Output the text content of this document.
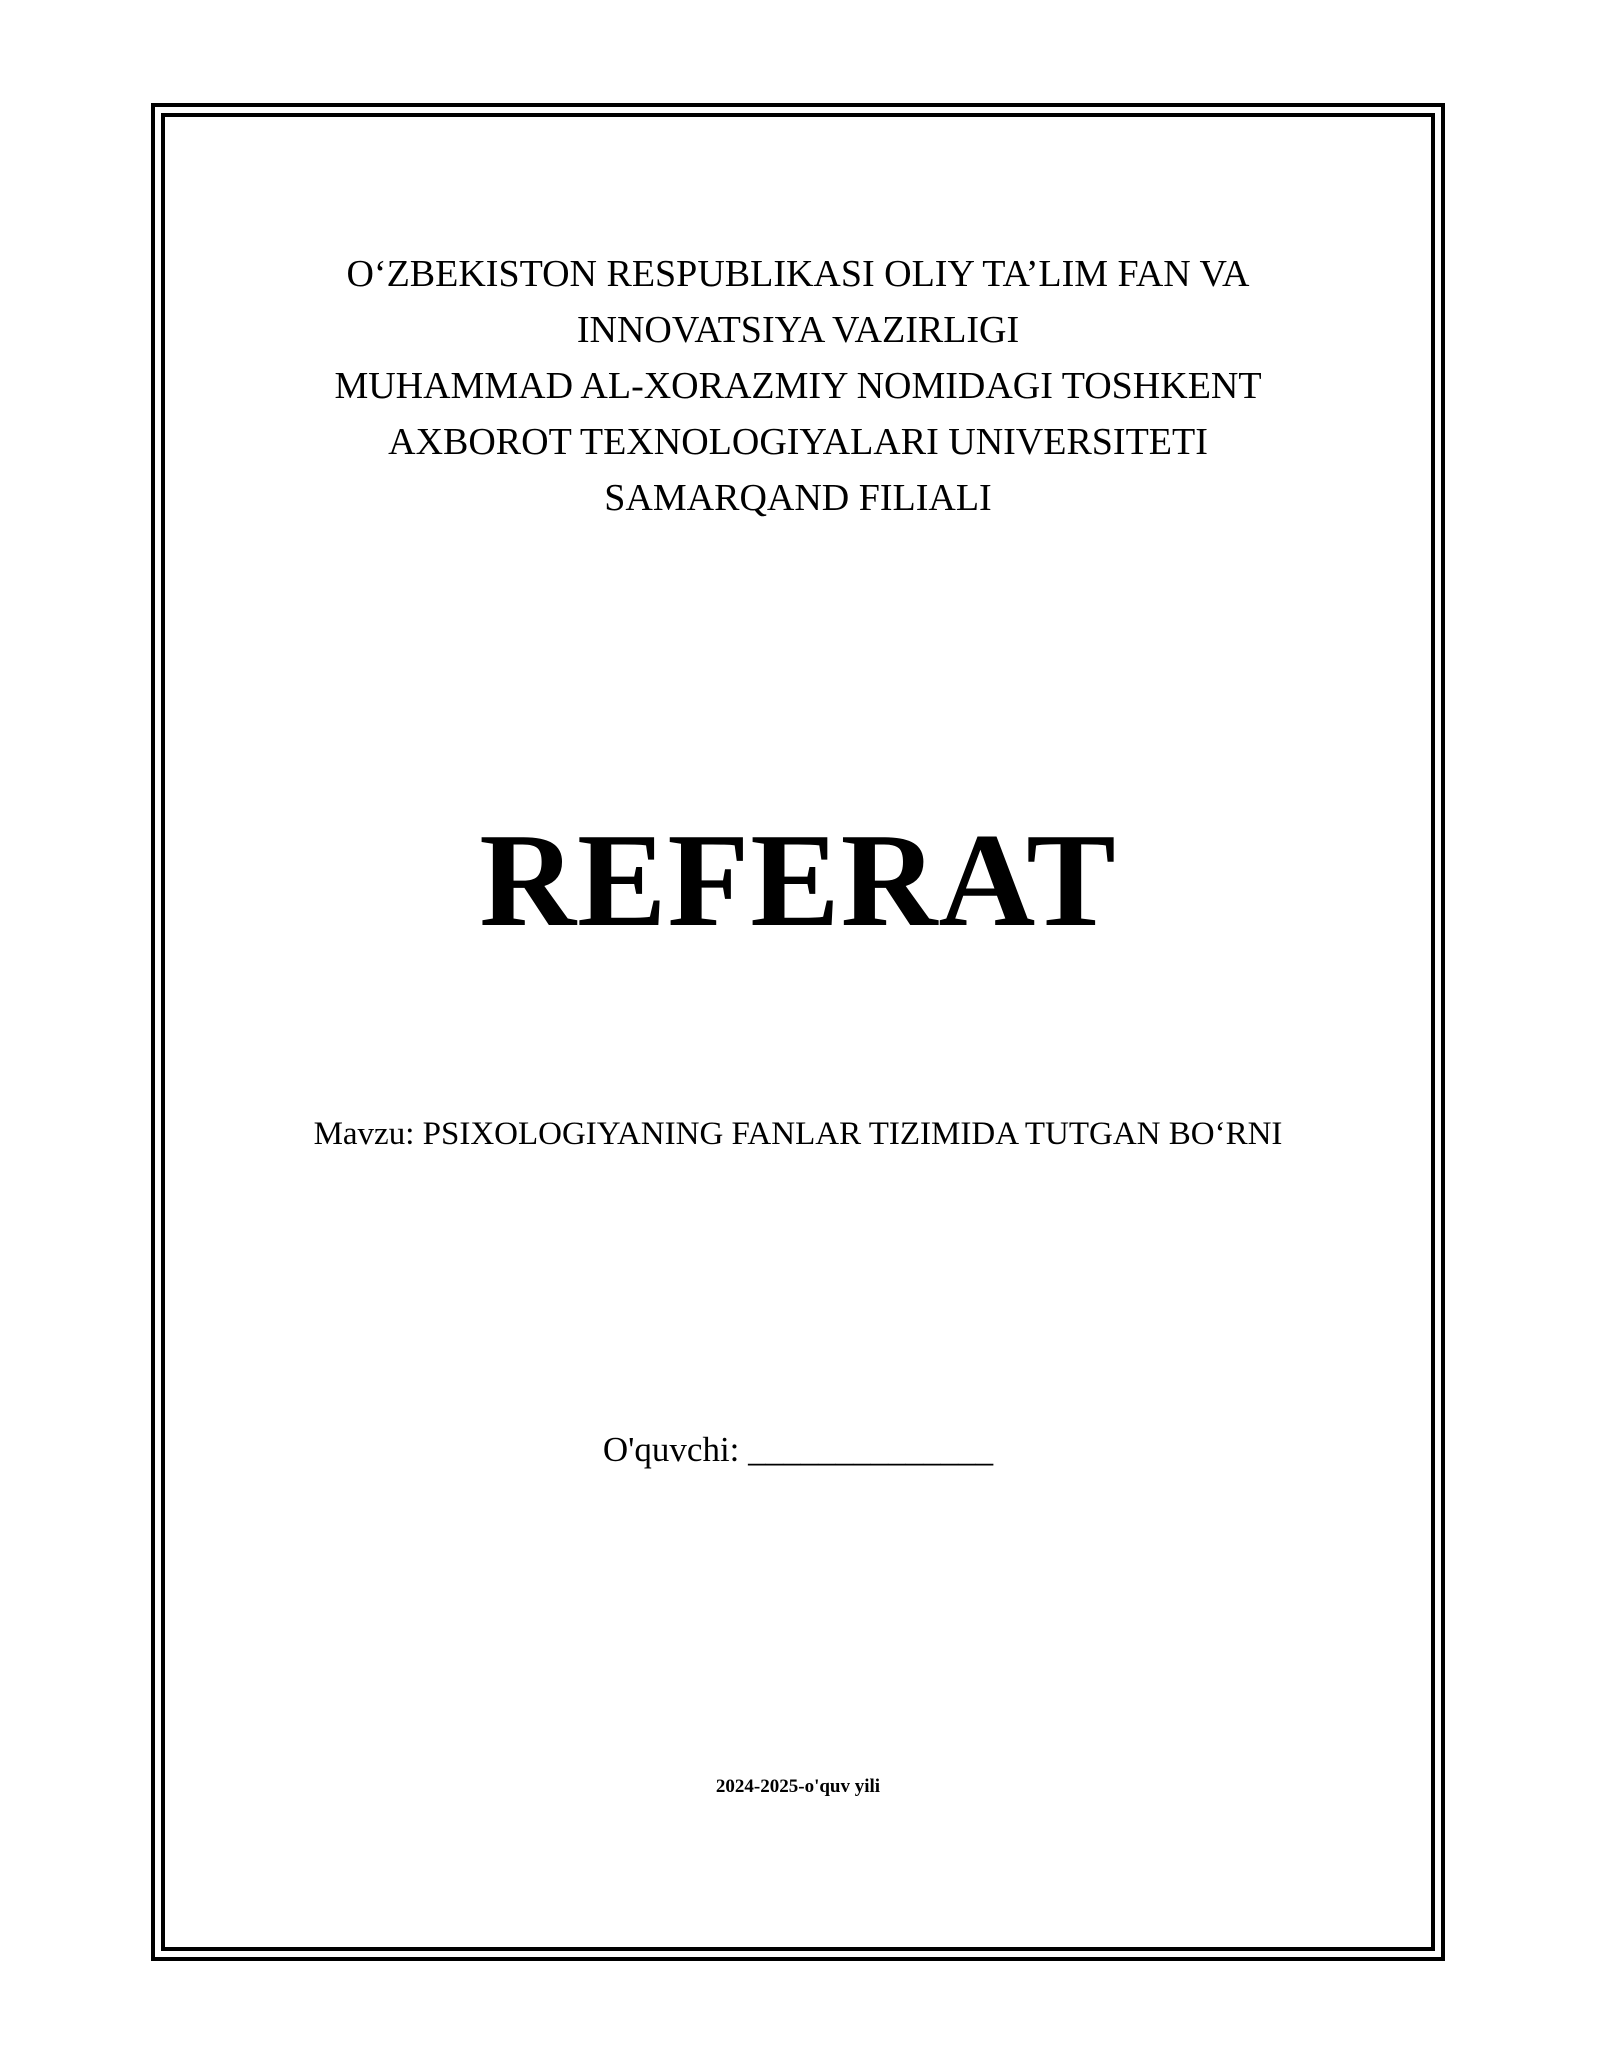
O‘ZBEKISTON RESPUBLIKASI OLIY TA’LIM FAN VA
INNOVATSIYA VAZIRLIGI
MUHAMMAD AL-XORAZMIY NOMIDAGI TOSHKENT
AXBOROT TEXNOLOGIYALARI UNIVERSITETI
SAMARQAND FILIALI
REFERAT
Mavzu: PSIXOLOGIYANING FANLAR TIZIMIDA TUTGAN BO‘RNI
O'quvchi: ______________
2024-2025-o'quv yili
